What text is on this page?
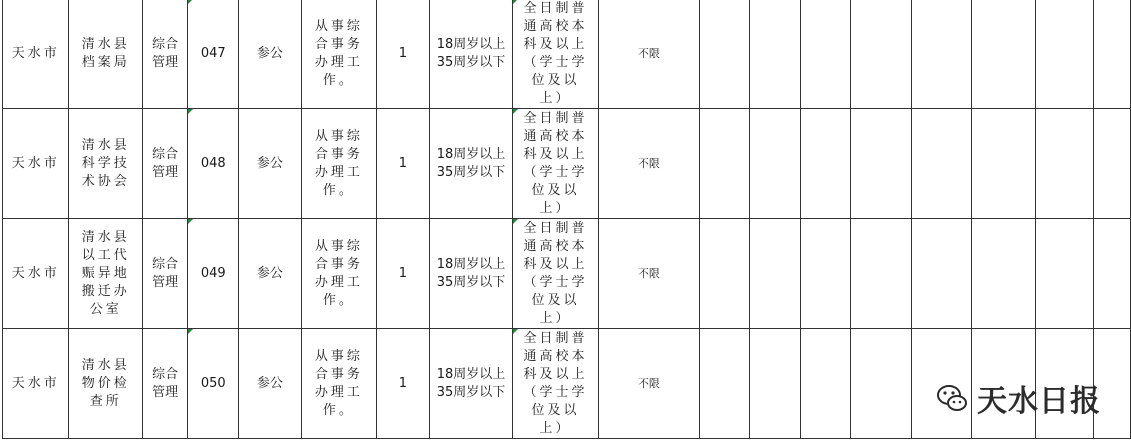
天水市	清水县档案局	综合管理	047	参公	从事综合事务办理工作。	1	18周岁以上35周岁以下	全日制普通高校本科及以上（学士学位及以上）	不限								

天水市	清水县科学技术协会	综合管理	048	参公	从事综合事务办理工作。	1	18周岁以上35周岁以下	全日制普通高校本科及以上（学士学位及以上）	不限								

天水市	清水县以工代赈异地搬迁办公室	综合管理	049	参公	从事综合事务办理工作。	1	18周岁以上35周岁以下	全日制普通高校本科及以上（学士学位及以上）	不限								

天水市	清水县物价检查所	综合管理	050	参公	从事综合事务办理工作。	1	18周岁以上35周岁以下	全日制普通高校本科及以上（学士学位及以上）	不限								

天水日报
